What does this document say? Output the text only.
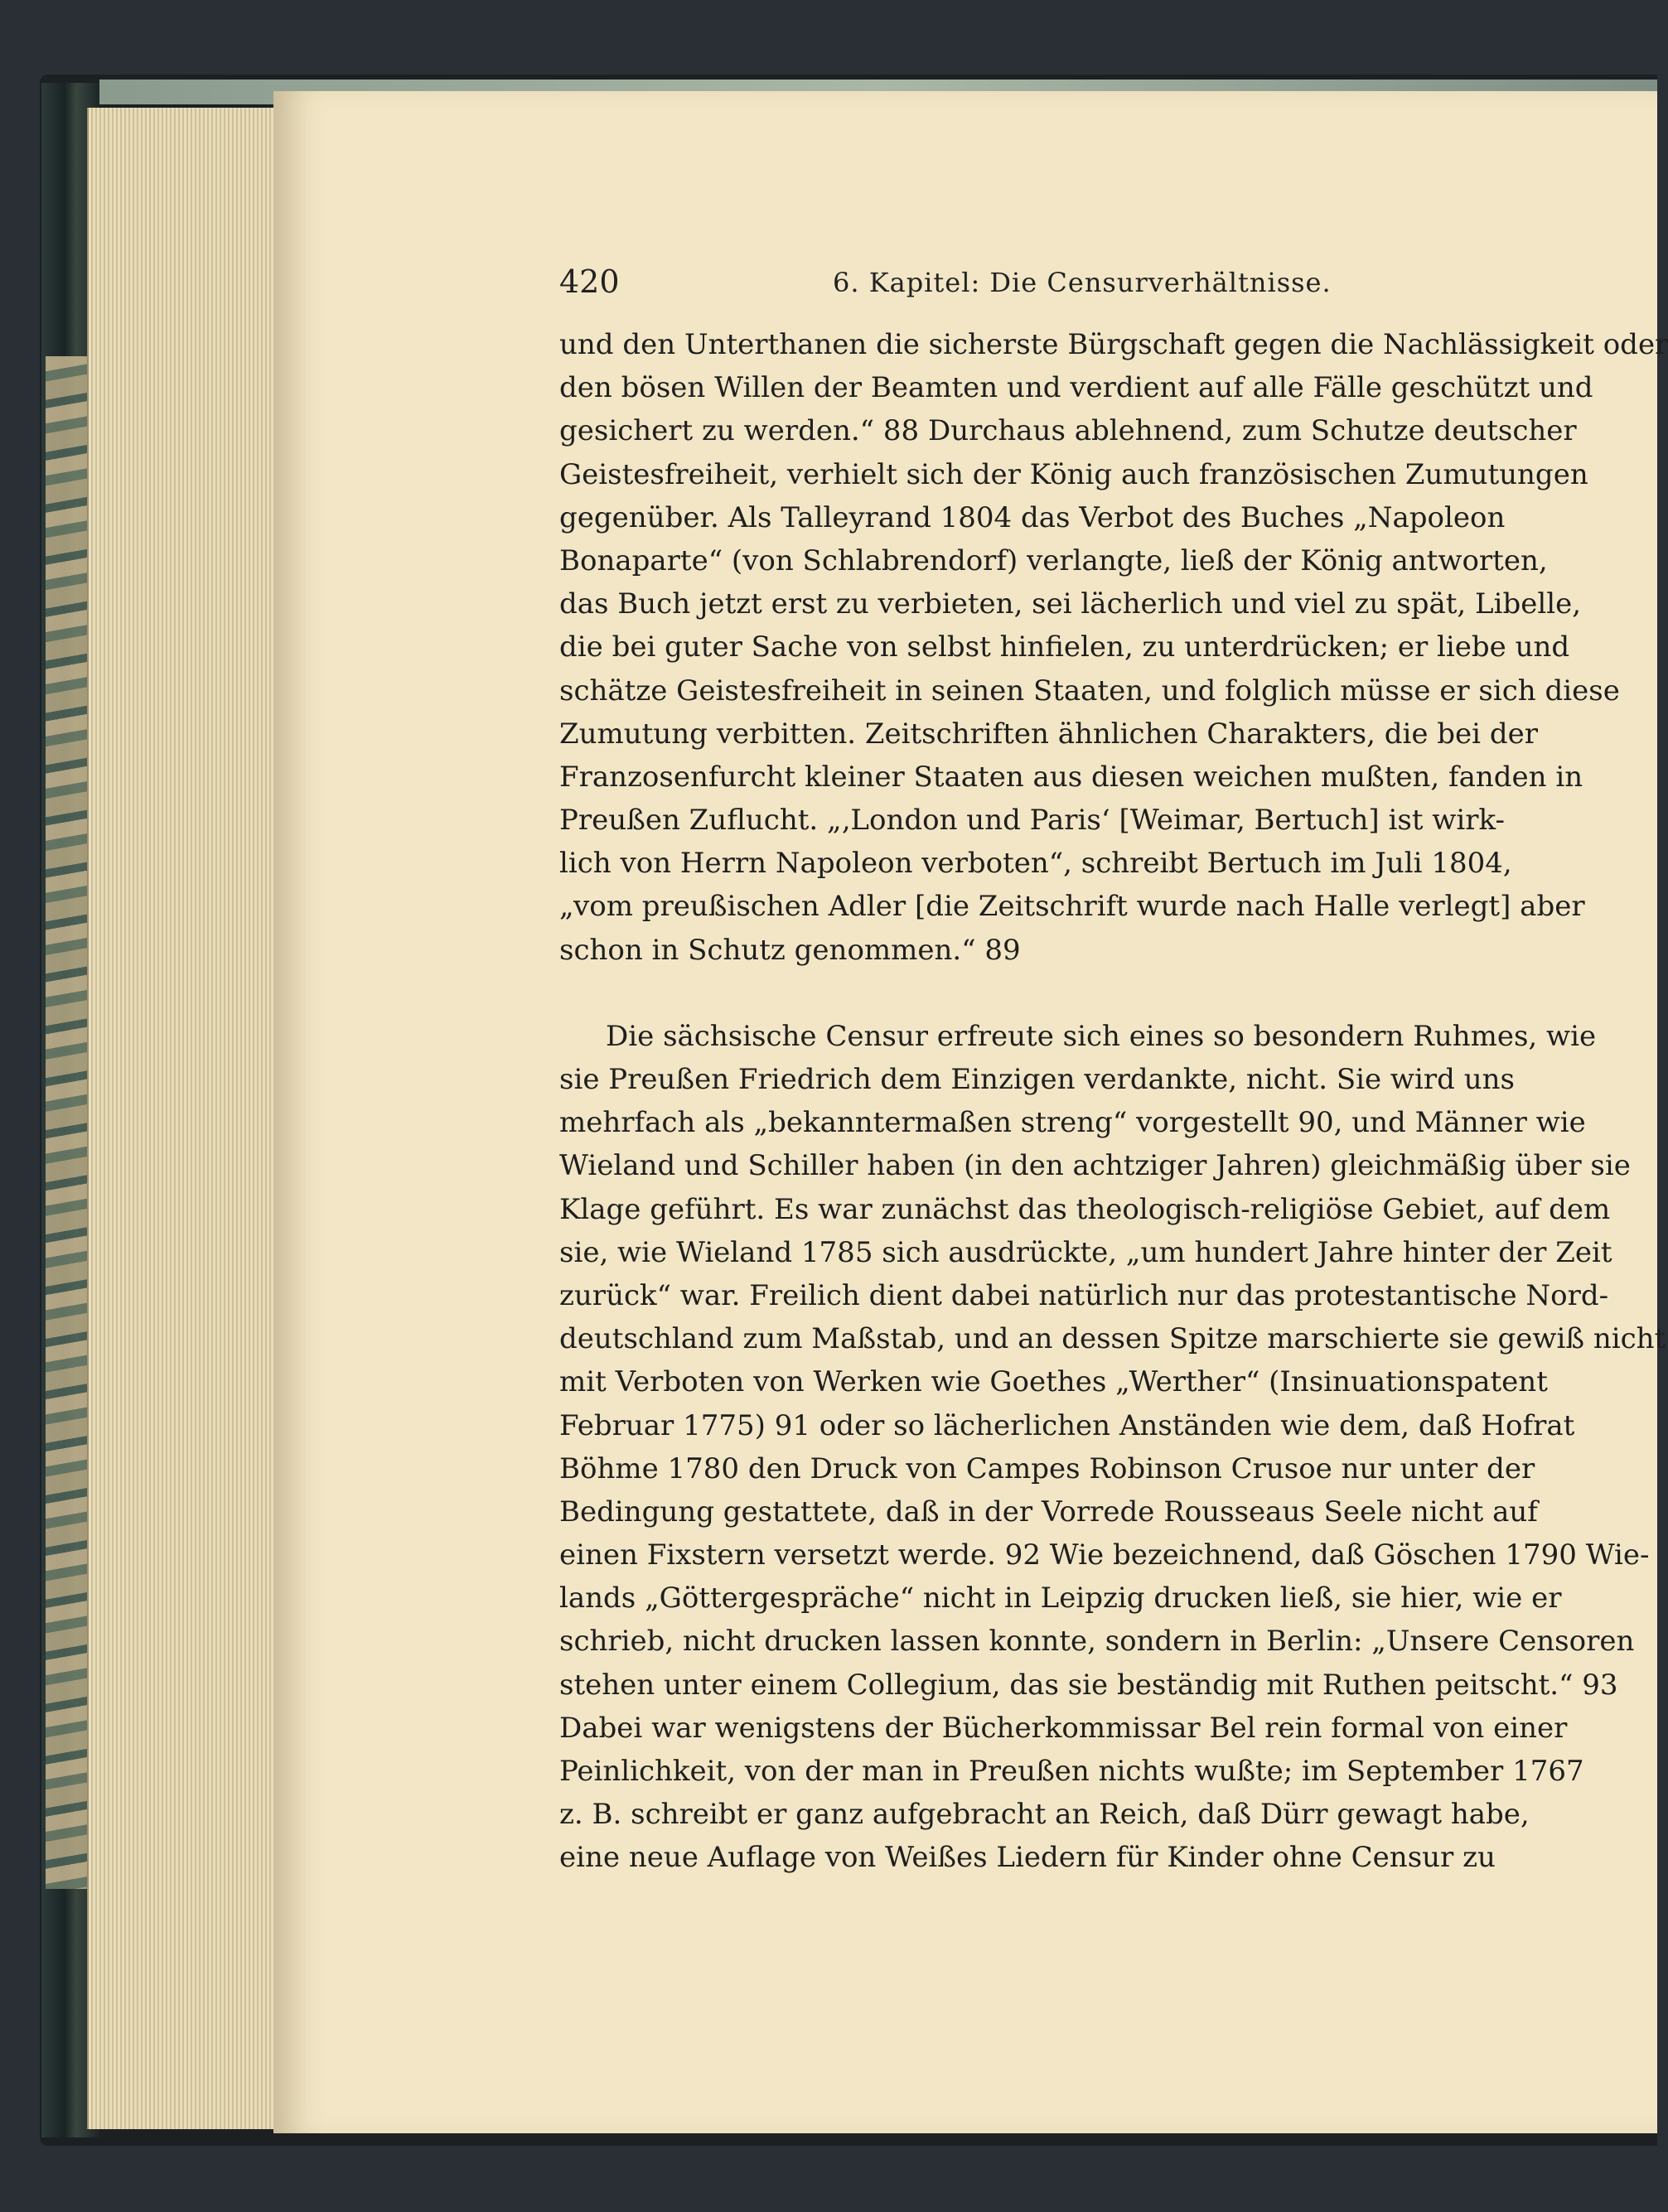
420	6. Kapitel: Die Censurverhältnisse.
und den Unterthanen die sicherste Bürgschaft gegen die Nachlässigkeit oder
den bösen Willen der Beamten und verdient auf alle Fälle geschützt und
gesichert zu werden.“ 88 Durchaus ablehnend, zum Schutze deutscher
Geistesfreiheit, verhielt sich der König auch französischen Zumutungen
gegenüber. Als Talleyrand 1804 das Verbot des Buches „Napoleon
Bonaparte“ (von Schlabrendorf) verlangte, ließ der König antworten,
das Buch jetzt erst zu verbieten, sei lächerlich und viel zu spät, Libelle,
die bei guter Sache von selbst hinfielen, zu unterdrücken; er liebe und
schätze Geistesfreiheit in seinen Staaten, und folglich müsse er sich diese
Zumutung verbitten. Zeitschriften ähnlichen Charakters, die bei der
Franzosenfurcht kleiner Staaten aus diesen weichen mußten, fanden in
Preußen Zuflucht. „‚London und Paris‘ [Weimar, Bertuch] ist wirk-
lich von Herrn Napoleon verboten“, schreibt Bertuch im Juli 1804,
„vom preußischen Adler [die Zeitschrift wurde nach Halle verlegt] aber
schon in Schutz genommen.“ 89
Die sächsische Censur erfreute sich eines so besondern Ruhmes, wie
sie Preußen Friedrich dem Einzigen verdankte, nicht. Sie wird uns
mehrfach als „bekanntermaßen streng“ vorgestellt 90, und Männer wie
Wieland und Schiller haben (in den achtziger Jahren) gleichmäßig über sie
Klage geführt. Es war zunächst das theologisch-religiöse Gebiet, auf dem
sie, wie Wieland 1785 sich ausdrückte, „um hundert Jahre hinter der Zeit
zurück“ war. Freilich dient dabei natürlich nur das protestantische Nord-
deutschland zum Maßstab, und an dessen Spitze marschierte sie gewiß nicht
mit Verboten von Werken wie Goethes „Werther“ (Insinuationspatent
Februar 1775) 91 oder so lächerlichen Anständen wie dem, daß Hofrat
Böhme 1780 den Druck von Campes Robinson Crusoe nur unter der
Bedingung gestattete, daß in der Vorrede Rousseaus Seele nicht auf
einen Fixstern versetzt werde. 92 Wie bezeichnend, daß Göschen 1790 Wie-
lands „Göttergespräche“ nicht in Leipzig drucken ließ, sie hier, wie er
schrieb, nicht drucken lassen konnte, sondern in Berlin: „Unsere Censoren
stehen unter einem Collegium, das sie beständig mit Ruthen peitscht.“ 93
Dabei war wenigstens der Bücherkommissar Bel rein formal von einer
Peinlichkeit, von der man in Preußen nichts wußte; im September 1767
z. B. schreibt er ganz aufgebracht an Reich, daß Dürr gewagt habe,
eine neue Auflage von Weißes Liedern für Kinder ohne Censur zu
